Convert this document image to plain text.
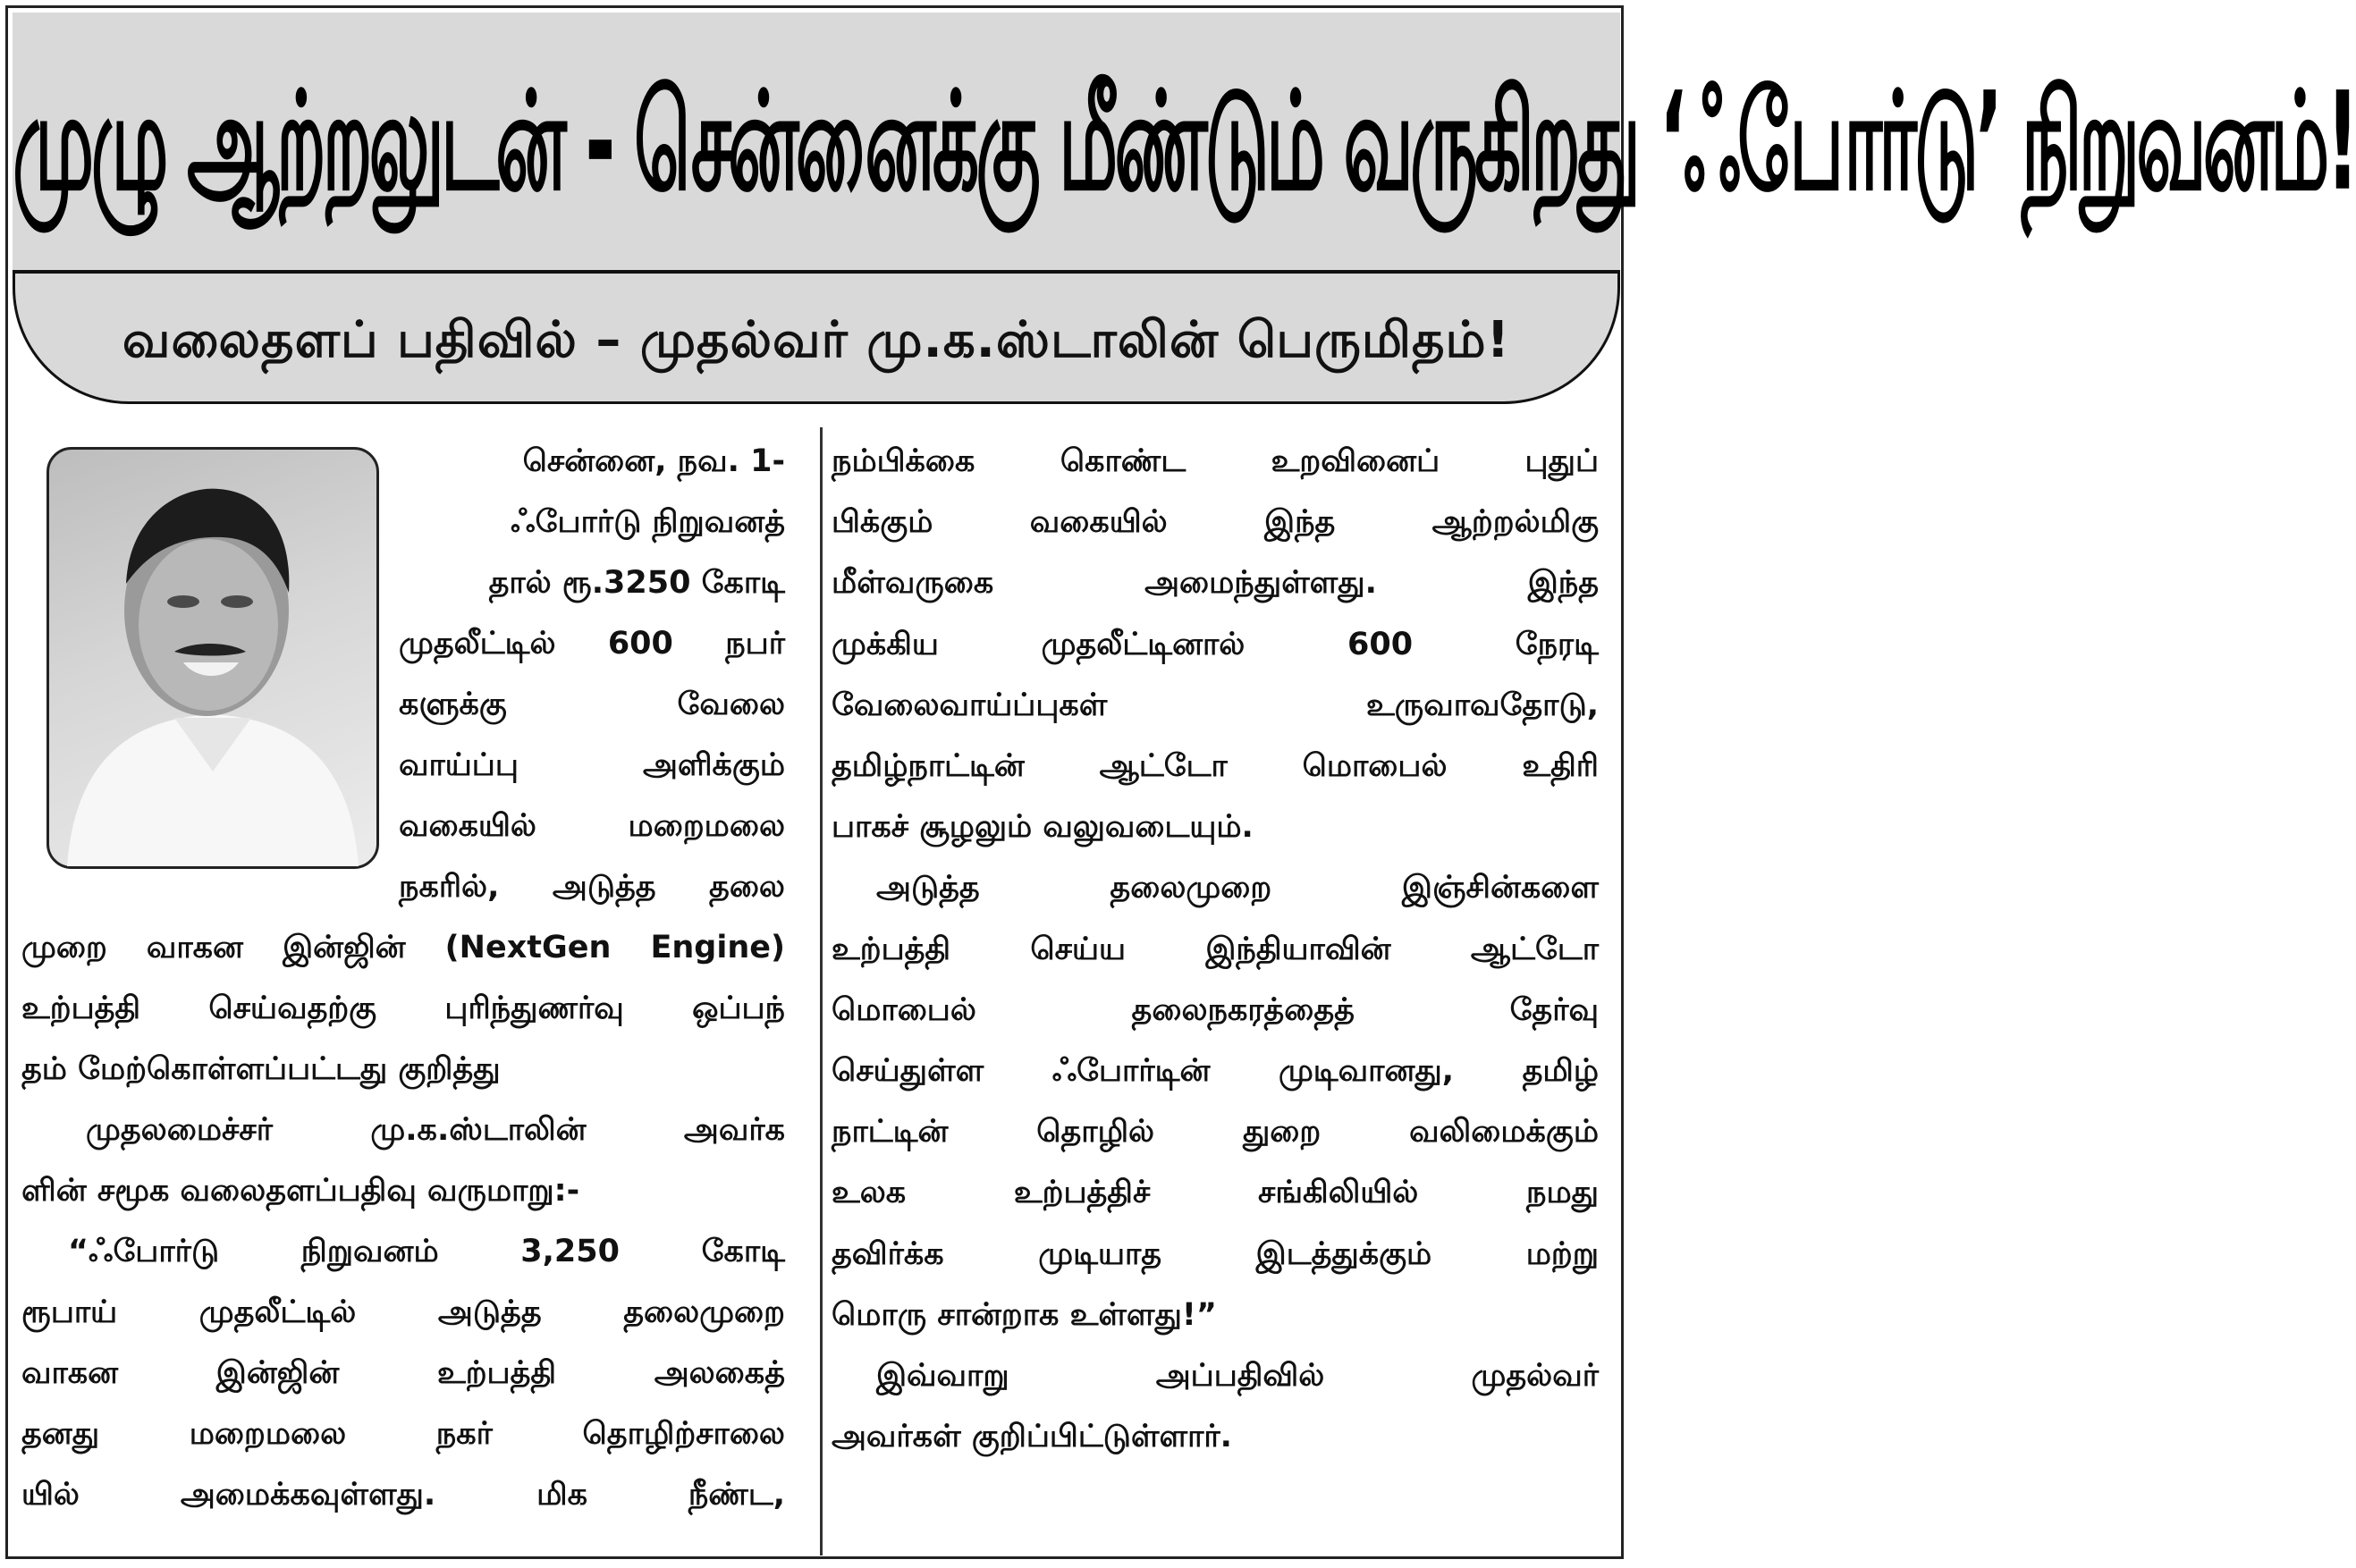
முழு ஆற்றலுடன் - சென்னைக்கு மீண்டும் வருகிறது ‘ஃபோர்டு’ நிறுவனம்!
வலைதளப் பதிவில் – முதல்வர் மு.க.ஸ்டாலின் பெருமிதம்!
சென்னை, நவ. 1-
ஃபோர்டு நிறுவனத்
தால் ரூ.3250 கோடி
முதலீட்டில் 600 நபர்
களுக்கு வேலை
வாய்ப்பு அளிக்கும்
வகையில் மறைமலை
நகரில், அடுத்த தலை
முறை வாகன இன்ஜின் (NextGen Engine)
உற்பத்தி செய்வதற்கு புரிந்துணர்வு ஒப்பந்
தம் மேற்கொள்ளப்பட்டது குறித்து
முதலமைச்சர் மு.க.ஸ்டாலின் அவர்க
ளின் சமூக வலைதளப்பதிவு வருமாறு:-
“ஃபோர்டு நிறுவனம் 3,250 கோடி
ரூபாய் முதலீட்டில் அடுத்த தலைமுறை
வாகன இன்ஜின் உற்பத்தி அலகைத்
தனது மறைமலை நகர் தொழிற்சாலை
யில் அமைக்கவுள்ளது. மிக நீண்ட,
நம்பிக்கை கொண்ட உறவினைப் புதுப்
பிக்கும் வகையில் இந்த ஆற்றல்மிகு
மீள்வருகை அமைந்துள்ளது. இந்த
முக்கிய முதலீட்டினால் 600 நேரடி
வேலைவாய்ப்புகள் உருவாவதோடு,
தமிழ்நாட்டின் ஆட்டோ மொபைல் உதிரி
பாகச் சூழலும் வலுவடையும்.
அடுத்த தலைமுறை இஞ்சின்களை
உற்பத்தி செய்ய இந்தியாவின் ஆட்டோ
மொபைல் தலைநகரத்தைத் தேர்வு
செய்துள்ள ஃபோர்டின் முடிவானது, தமிழ்
நாட்டின் தொழில் துறை வலிமைக்கும்
உலக உற்பத்திச் சங்கிலியில் நமது
தவிர்க்க முடியாத இடத்துக்கும் மற்று
மொரு சான்றாக உள்ளது!”
இவ்வாறு அப்பதிவில் முதல்வர்
அவர்கள் குறிப்பிட்டுள்ளார்.
